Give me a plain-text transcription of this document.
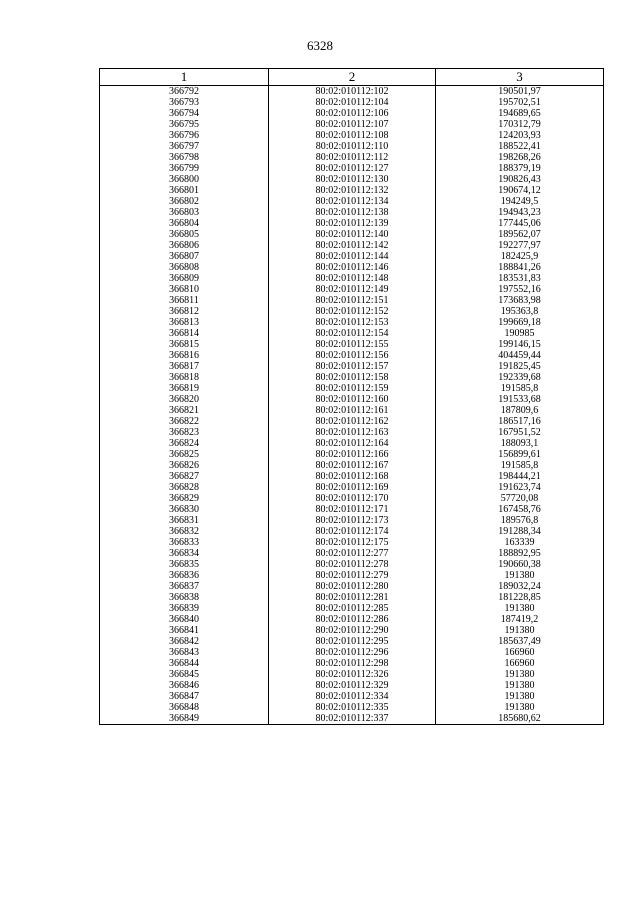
6328
1	2	3
366792	80:02:010112:102	190501,97
366793	80:02:010112:104	195702,51
366794	80:02:010112:106	194689,65
366795	80:02:010112:107	170312,79
366796	80:02:010112:108	124203,93
366797	80:02:010112:110	188522,41
366798	80:02:010112:112	198268,26
366799	80:02:010112:127	188379,19
366800	80:02:010112:130	190826,43
366801	80:02:010112:132	190674,12
366802	80:02:010112:134	194249,5
366803	80:02:010112:138	194943,23
366804	80:02:010112:139	177445,06
366805	80:02:010112:140	189562,07
366806	80:02:010112:142	192277,97
366807	80:02:010112:144	182425,9
366808	80:02:010112:146	188841,26
366809	80:02:010112:148	183531,83
366810	80:02:010112:149	197552,16
366811	80:02:010112:151	173683,98
366812	80:02:010112:152	195363,8
366813	80:02:010112:153	199669,18
366814	80:02:010112:154	190985
366815	80:02:010112:155	199146,15
366816	80:02:010112:156	404459,44
366817	80:02:010112:157	191825,45
366818	80:02:010112:158	192339,68
366819	80:02:010112:159	191585,8
366820	80:02:010112:160	191533,68
366821	80:02:010112:161	187809,6
366822	80:02:010112:162	186517,16
366823	80:02:010112:163	167951,52
366824	80:02:010112:164	188093,1
366825	80:02:010112:166	156899,61
366826	80:02:010112:167	191585,8
366827	80:02:010112:168	198444,21
366828	80:02:010112:169	191623,74
366829	80:02:010112:170	57720,08
366830	80:02:010112:171	167458,76
366831	80:02:010112:173	189576,8
366832	80:02:010112:174	191288,34
366833	80:02:010112:175	163339
366834	80:02:010112:277	188892,95
366835	80:02:010112:278	190660,38
366836	80:02:010112:279	191380
366837	80:02:010112:280	189032,24
366838	80:02:010112:281	181228,85
366839	80:02:010112:285	191380
366840	80:02:010112:286	187419,2
366841	80:02:010112:290	191380
366842	80:02:010112:295	185637,49
366843	80:02:010112:296	166960
366844	80:02:010112:298	166960
366845	80:02:010112:326	191380
366846	80:02:010112:329	191380
366847	80:02:010112:334	191380
366848	80:02:010112:335	191380
366849	80:02:010112:337	185680,62
